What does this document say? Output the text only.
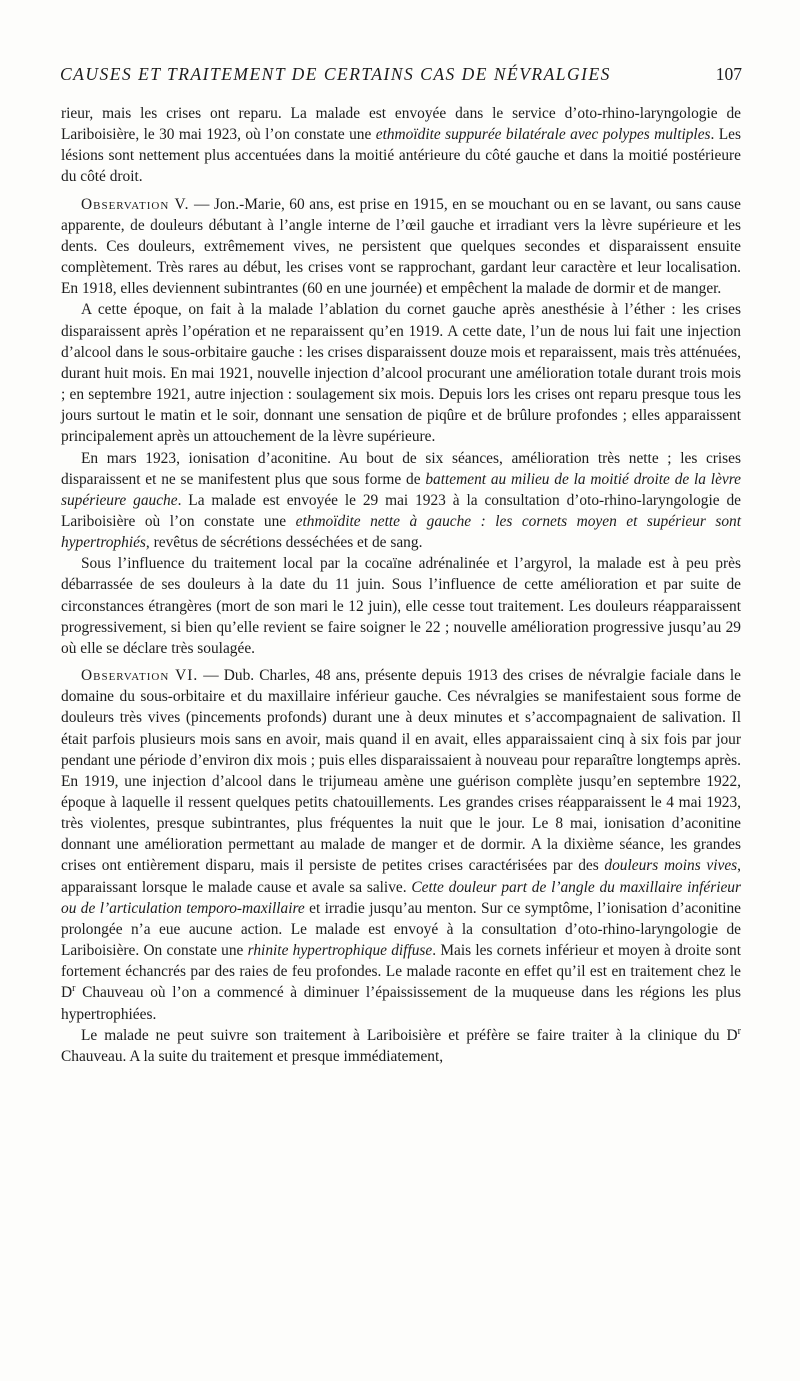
CAUSES ET TRAITEMENT DE CERTAINS CAS DE NÉVRALGIES	107

rieur, mais les crises ont reparu. La malade est envoyée dans le service d’oto-rhino-laryngologie de Lariboisière, le 30 mai 1923, où l’on constate une ethmoïdite suppurée bilatérale avec polypes multiples. Les lésions sont nettement plus accentuées dans la moitié antérieure du côté gauche et dans la moitié postérieure du côté droit.

Observation V. — Jon.-Marie, 60 ans, est prise en 1915, en se mouchant ou en se lavant, ou sans cause apparente, de douleurs débutant à l’angle interne de l’œil gauche et irradiant vers la lèvre supérieure et les dents. Ces douleurs, extrêmement vives, ne persistent que quelques secondes et disparaissent ensuite complètement. Très rares au début, les crises vont se rapprochant, gardant leur caractère et leur localisation. En 1918, elles deviennent subintrantes (60 en une journée) et empêchent la malade de dormir et de manger.

A cette époque, on fait à la malade l’ablation du cornet gauche après anesthésie à l’éther : les crises disparaissent après l’opération et ne reparaissent qu’en 1919. A cette date, l’un de nous lui fait une injection d’alcool dans le sous-orbitaire gauche : les crises disparaissent douze mois et reparaissent, mais très atténuées, durant huit mois. En mai 1921, nouvelle injection d’alcool procurant une amélioration totale durant trois mois ; en septembre 1921, autre injection : soulagement six mois. Depuis lors les crises ont reparu presque tous les jours surtout le matin et le soir, donnant une sensation de piqûre et de brûlure profondes ; elles apparaissent principalement après un attouchement de la lèvre supérieure.

En mars 1923, ionisation d’aconitine. Au bout de six séances, amélioration très nette ; les crises disparaissent et ne se manifestent plus que sous forme de battement au milieu de la moitié droite de la lèvre supérieure gauche. La malade est envoyée le 29 mai 1923 à la consultation d’oto-rhino-laryngologie de Lariboisière où l’on constate une ethmoïdite nette à gauche : les cornets moyen et supérieur sont hypertrophiés, revêtus de sécrétions desséchées et de sang.

Sous l’influence du traitement local par la cocaïne adrénalinée et l’argyrol, la malade est à peu près débarrassée de ses douleurs à la date du 11 juin. Sous l’influence de cette amélioration et par suite de circonstances étrangères (mort de son mari le 12 juin), elle cesse tout traitement. Les douleurs réapparaissent progressivement, si bien qu’elle revient se faire soigner le 22 ; nouvelle amélioration progressive jusqu’au 29 où elle se déclare très soulagée.

Observation VI. — Dub. Charles, 48 ans, présente depuis 1913 des crises de névralgie faciale dans le domaine du sous-orbitaire et du maxillaire inférieur gauche. Ces névralgies se manifestaient sous forme de douleurs très vives (pincements profonds) durant une à deux minutes et s’accompagnaient de salivation. Il était parfois plusieurs mois sans en avoir, mais quand il en avait, elles apparaissaient cinq à six fois par jour pendant une période d’environ dix mois ; puis elles disparaissaient à nouveau pour reparaître longtemps après. En 1919, une injection d’alcool dans le trijumeau amène une guérison complète jusqu’en septembre 1922, époque à laquelle il ressent quelques petits chatouillements. Les grandes crises réapparaissent le 4 mai 1923, très violentes, presque subintrantes, plus fréquentes la nuit que le jour. Le 8 mai, ionisation d’aconitine donnant une amélioration permettant au malade de manger et de dormir. A la dixième séance, les grandes crises ont entièrement disparu, mais il persiste de petites crises caractérisées par des douleurs moins vives, apparaissant lorsque le malade cause et avale sa salive. Cette douleur part de l’angle du maxillaire inférieur ou de l’articulation temporo-maxillaire et irradie jusqu’au menton. Sur ce symptôme, l’ionisation d’aconitine prolongée n’a eue aucune action. Le malade est envoyé à la consultation d’oto-rhino-laryngologie de Lariboisière. On constate une rhinite hypertrophique diffuse. Mais les cornets inférieur et moyen à droite sont fortement échancrés par des raies de feu profondes. Le malade raconte en effet qu’il est en traitement chez le $D^r$ Chauveau où l’on a commencé à diminuer l’épaississement de la muqueuse dans les régions les plus hypertrophiées.

Le malade ne peut suivre son traitement à Lariboisière et préfère se faire traiter à la clinique du $D^r$ Chauveau. A la suite du traitement et presque immédiatement,
